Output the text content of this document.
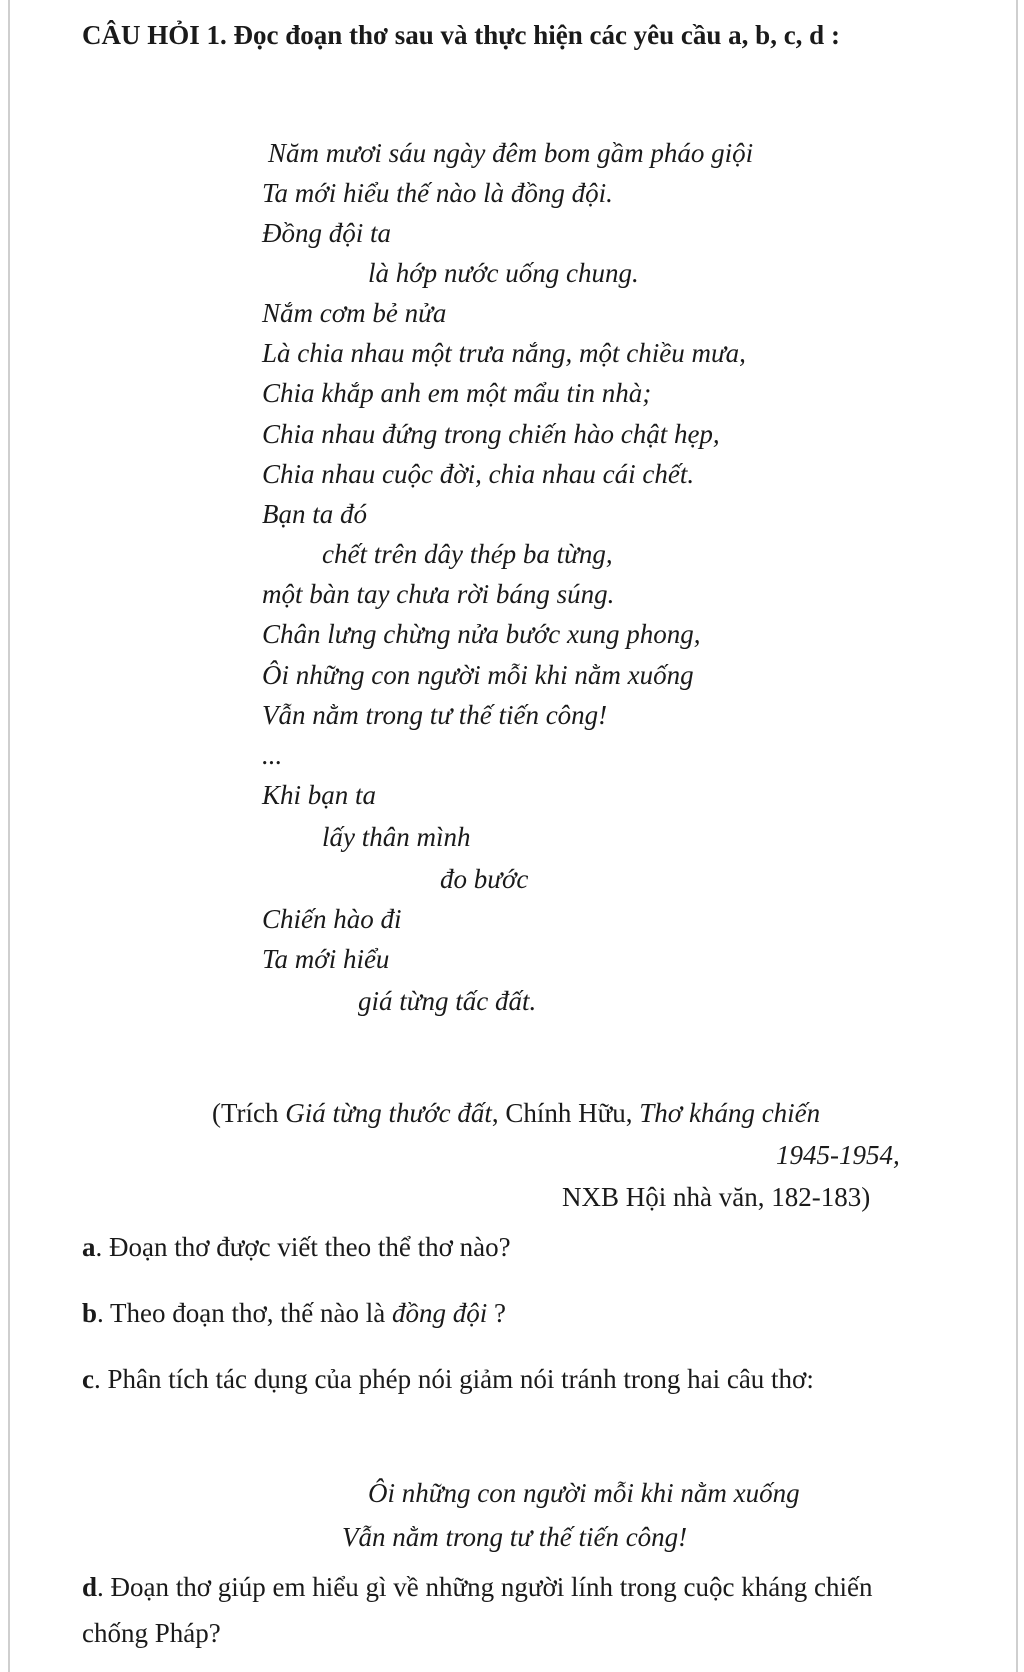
CÂU HỎI 1. Đọc đoạn thơ sau và thực hiện các yêu cầu a, b, c, d :
Năm mươi sáu ngày đêm bom gầm pháo giội
Ta mới hiểu thế nào là đồng đội.
Đồng đội ta
là hớp nước uống chung.
Nắm cơm bẻ nửa
Là chia nhau một trưa nắng, một chiều mưa,
Chia khắp anh em một mẩu tin nhà;
Chia nhau đứng trong chiến hào chật hẹp,
Chia nhau cuộc đời, chia nhau cái chết.
Bạn ta đó
chết trên dây thép ba từng,
một bàn tay chưa rời báng súng.
Chân lưng chừng nửa bước xung phong,
Ôi những con người mỗi khi nằm xuống
Vẫn nằm trong tư thế tiến công!
...
Khi bạn ta
lấy thân mình
đo bước
Chiến hào đi
Ta mới hiểu
giá từng tấc đất.
(Trích Giá từng thước đất, Chính Hữu, Thơ kháng chiến
1945-1954,
NXB Hội nhà văn, 182-183)
a. Đoạn thơ được viết theo thể thơ nào?
b. Theo đoạn thơ, thế nào là đồng đội ?
c. Phân tích tác dụng của phép nói giảm nói tránh trong hai câu thơ:
Ôi những con người mỗi khi nằm xuống
Vẫn nằm trong tư thế tiến công!
d. Đoạn thơ giúp em hiểu gì về những người lính trong cuộc kháng chiến chống Pháp?
